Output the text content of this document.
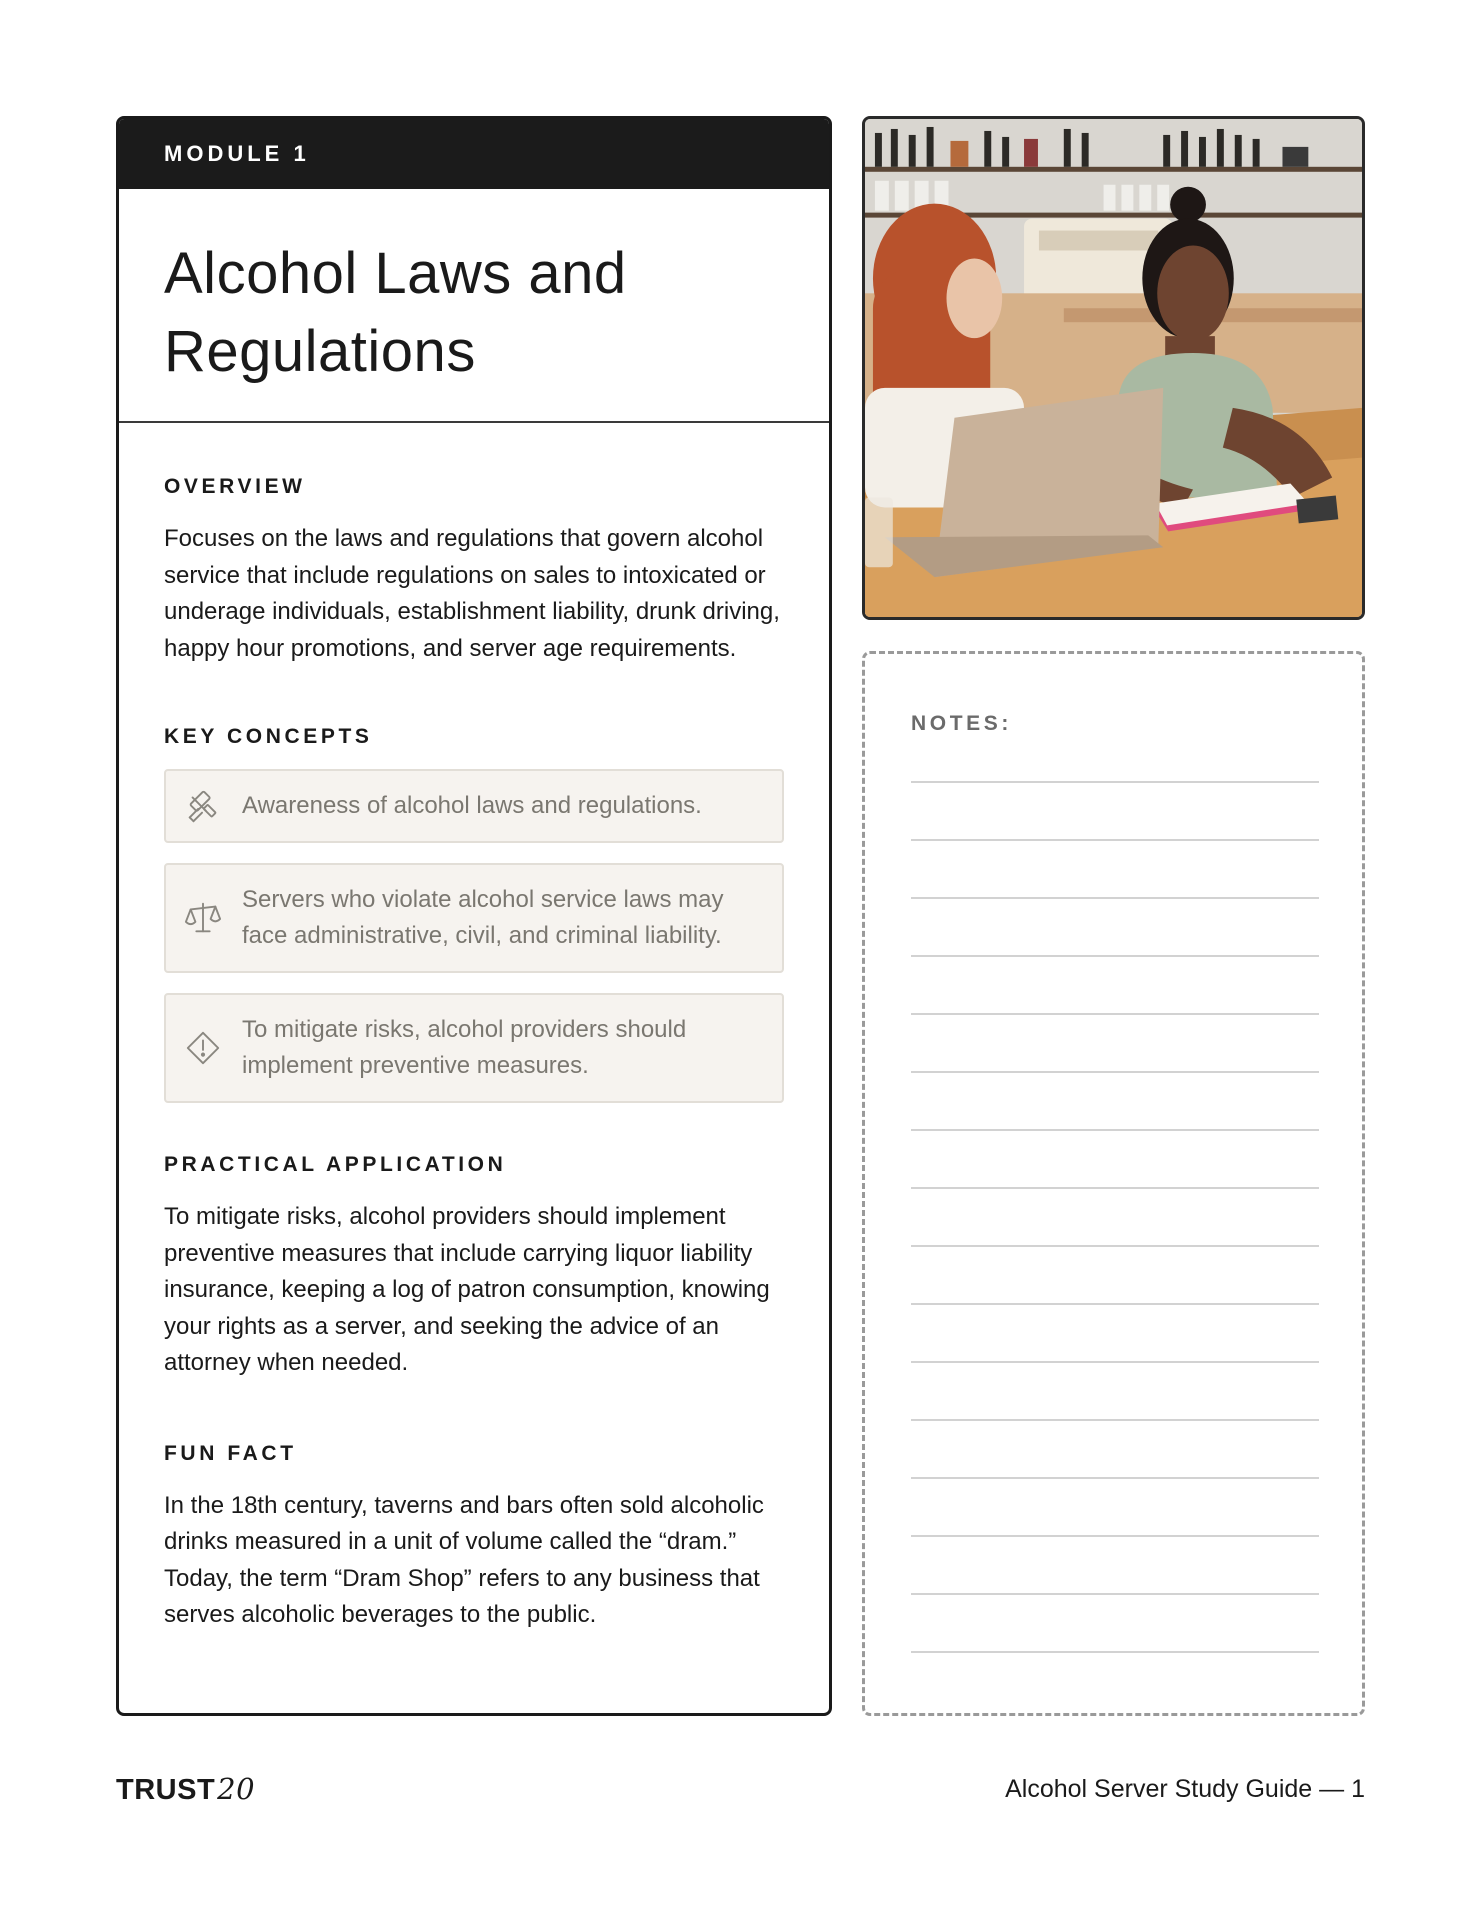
MODULE 1
Alcohol Laws and
Regulations
OVERVIEW

Focuses on the laws and regulations that govern alcohol service that include regulations on sales to intoxicated or underage individuals, establishment liability, drunk driving, happy hour promotions, and server age requirements.

KEY CONCEPTS
Awareness of alcohol laws and regulations.
Servers who violate alcohol service laws may face administrative, civil, and criminal liability.
To mitigate risks, alcohol providers should implement preventive measures.
PRACTICAL APPLICATION

To mitigate risks, alcohol providers should implement preventive measures that include carrying liquor liability insurance, keeping a log of patron consumption, knowing your rights as a server, and seeking the advice of an attorney when needed.

FUN FACT

In the 18th century, taverns and bars often sold alcoholic drinks measured in a unit of volume called the “dram.” Today, the term “Dram Shop” refers to any business that serves alcoholic beverages to the public.

NOTES:
TRUST 20	Alcohol Server Study Guide — 1
